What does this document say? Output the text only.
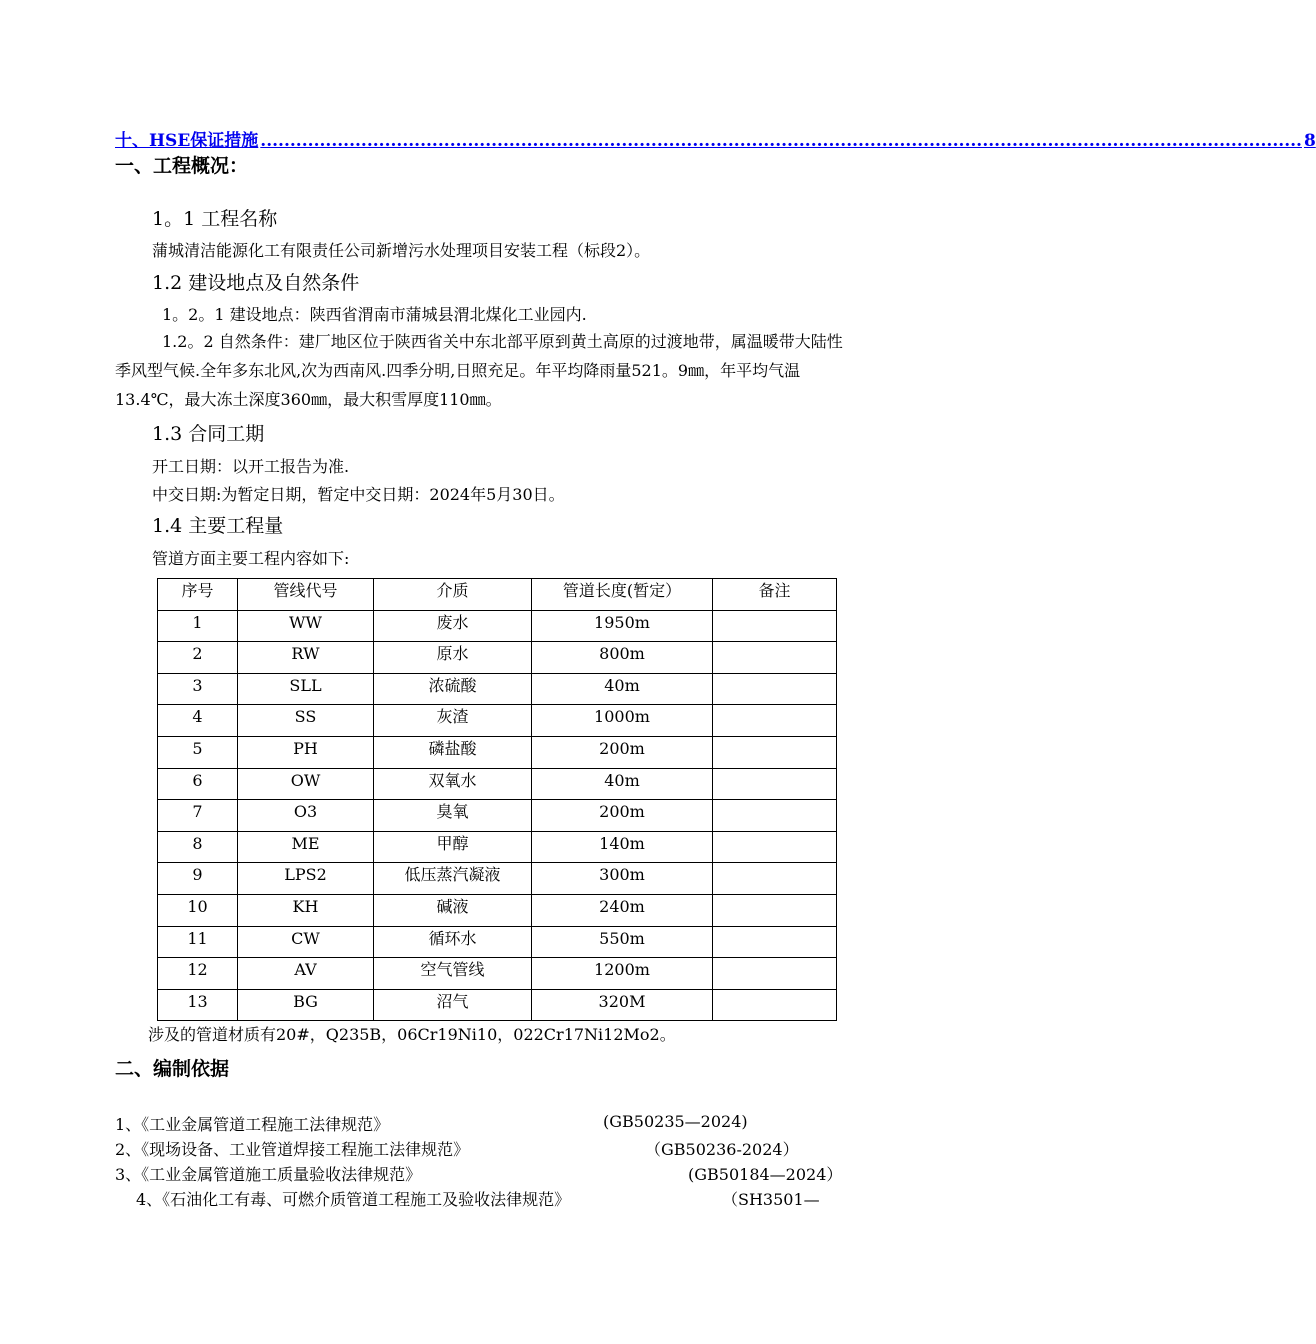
十、HSE保证措施 ................................................................................................................................................................................ 8
一、工程概况：
1。1 工程名称
蒲城清洁能源化工有限责任公司新增污水处理项目安装工程（标段2）。
1.2 建设地点及自然条件
1。2。1 建设地点：陕西省渭南市蒲城县渭北煤化工业园内.
1.2。2 自然条件：建厂地区位于陕西省关中东北部平原到黄土高原的过渡地带，属温暖带大陆性季风型气候.全年多东北风,次为西南风.四季分明,日照充足。年平均降雨量521。9㎜，年平均气温13.4℃，最大冻土深度360㎜，最大积雪厚度110㎜。
1.3 合同工期
开工日期：以开工报告为准.
中交日期:为暂定日期，暂定中交日期：2024年5月30日。
1.4 主要工程量
管道方面主要工程内容如下:
序号	管线代号	介质	管道长度(暂定）	备注
1	WW	废水	1950m	
2	RW	原水	800m	
3	SLL	浓硫酸	40m	
4	SS	灰渣	1000m	
5	PH	磷盐酸	200m	
6	OW	双氧水	40m	
7	O3	臭氧	200m	
8	ME	甲醇	140m	
9	LPS2	低压蒸汽凝液	300m	
10	KH	碱液	240m	
11	CW	循环水	550m	
12	AV	空气管线	1200m	
13	BG	沼气	320M	
涉及的管道材质有20#，Q235B，06Cr19Ni10，022Cr17Ni12Mo2。
二、编制依据
1、《工业金属管道工程施工法律规范》	(GB50235—2024)
2、《现场设备、工业管道焊接工程施工法律规范》	（GB50236-2024）
3、《工业金属管道施工质量验收法律规范》	(GB50184—2024）
4、《石油化工有毒、可燃介质管道工程施工及验收法律规范》	（SH3501—
